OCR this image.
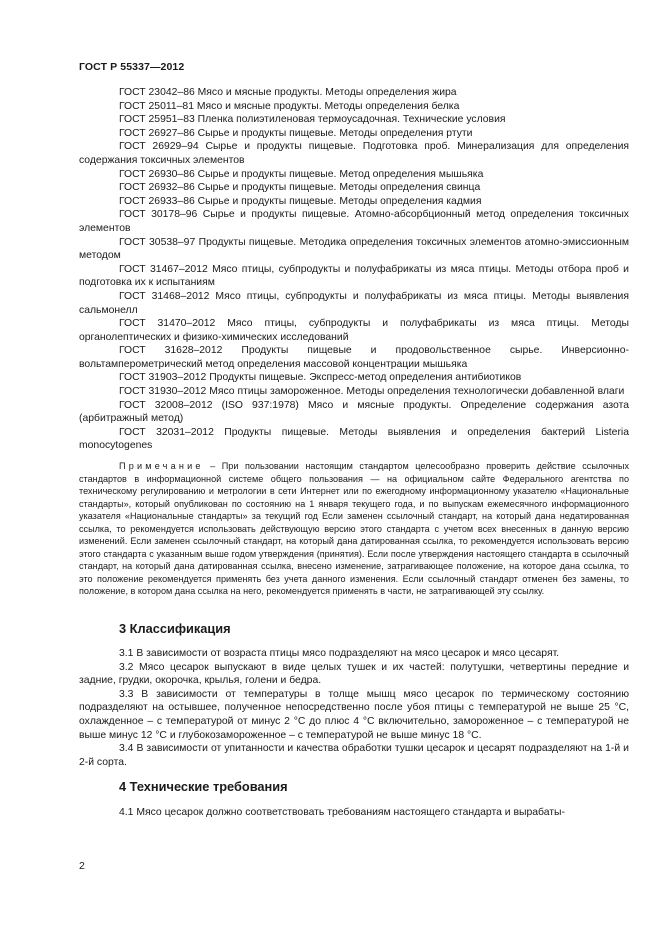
ГОСТ Р 55337—2012

ГОСТ 23042–86 Мясо и мясные продукты. Методы определения жира

ГОСТ 25011–81 Мясо и мясные продукты. Методы определения белка

ГОСТ 25951–83 Пленка полиэтиленовая термоусадочная. Технические условия

ГОСТ 26927–86 Сырье и продукты пищевые. Методы определения ртути

ГОСТ 26929–94 Сырье и продукты пищевые. Подготовка проб. Минерализация для определения содержания токсичных элементов

ГОСТ 26930–86 Сырье и продукты пищевые. Метод определения мышьяка

ГОСТ 26932–86 Сырье и продукты пищевые. Методы определения свинца

ГОСТ 26933–86 Сырье и продукты пищевые. Методы определения кадмия

ГОСТ 30178–96 Сырье и продукты пищевые. Атомно-абсорбционный метод определения токсичных элементов

ГОСТ 30538–97 Продукты пищевые. Методика определения токсичных элементов атомно-эмиссионным методом

ГОСТ 31467–2012 Мясо птицы, субпродукты и полуфабрикаты из мяса птицы. Методы отбора проб и подготовка их к испытаниям

ГОСТ 31468–2012 Мясо птицы, субпродукты и полуфабрикаты из мяса птицы. Методы выявления сальмонелл

ГОСТ 31470–2012 Мясо птицы, субпродукты и полуфабрикаты из мяса птицы. Методы органолептических и физико-химических исследований

ГОСТ 31628–2012 Продукты пищевые и продовольственное сырье. Инверсионно-вольтамперометрический метод определения массовой концентрации мышьяка

ГОСТ 31903–2012 Продукты пищевые. Экспресс-метод определения антибиотиков

ГОСТ 31930–2012 Мясо птицы замороженное. Методы определения технологически добавленной влаги

ГОСТ 32008–2012 (ISO 937:1978) Мясо и мясные продукты. Определение содержания азота (арбитражный метод)

ГОСТ 32031–2012 Продукты пищевые. Методы выявления и определения бактерий Listeria monocytogenes

Примечание – При пользовании настоящим стандартом целесообразно проверить действие ссылочных стандартов в информационной системе общего пользования — на официальном сайте Федерального агентства по техническому регулированию и метрологии в сети Интернет или по ежегодному информационному указателю «Национальные стандарты», который опубликован по состоянию на 1 января текущего года, и по выпускам ежемесячного информационного указателя «Национальные стандарты» за текущий год Если заменен ссылочный стандарт, на который дана недатированная ссылка, то рекомендуется использовать действующую версию этого стандарта с учетом всех внесенных в данную версию изменений. Если заменен ссылочный стандарт, на который дана датированная ссылка, то рекомендуется использовать версию этого стандарта с указанным выше годом утверждения (принятия). Если после утверждения настоящего стандарта в ссылочный стандарт, на который дана датированная ссылка, внесено изменение, затрагивающее положение, на которое дана ссылка, то это положение рекомендуется применять без учета данного изменения. Если ссылочный стандарт отменен без замены, то положение, в котором дана ссылка на него, рекомендуется применять в части, не затрагивающей эту ссылку.

3 Классификация

3.1 В зависимости от возраста птицы мясо подразделяют на мясо цесарок и мясо цесарят.

3.2 Мясо цесарок выпускают в виде целых тушек и их частей: полутушки, четвертины передние и задние, грудки, окорочка, крылья, голени и бедра.

3.3 В зависимости от температуры в толще мышц мясо цесарок по термическому состоянию подразделяют на остывшее, полученное непосредственно после убоя птицы с температурой не выше 25 °С, охлажденное – с температурой от минус 2 °С до плюс 4 °С включительно, замороженное – с температурой не выше минус 12 °С и глубокозамороженное – с температурой не выше минус 18 °С.

3.4 В зависимости от упитанности и качества обработки тушки цесарок и цесарят подразделяют на 1-й и 2-й сорта.

4 Технические требования

4.1 Мясо цесарок должно соответствовать требованиям настоящего стандарта и вырабаты-

2
